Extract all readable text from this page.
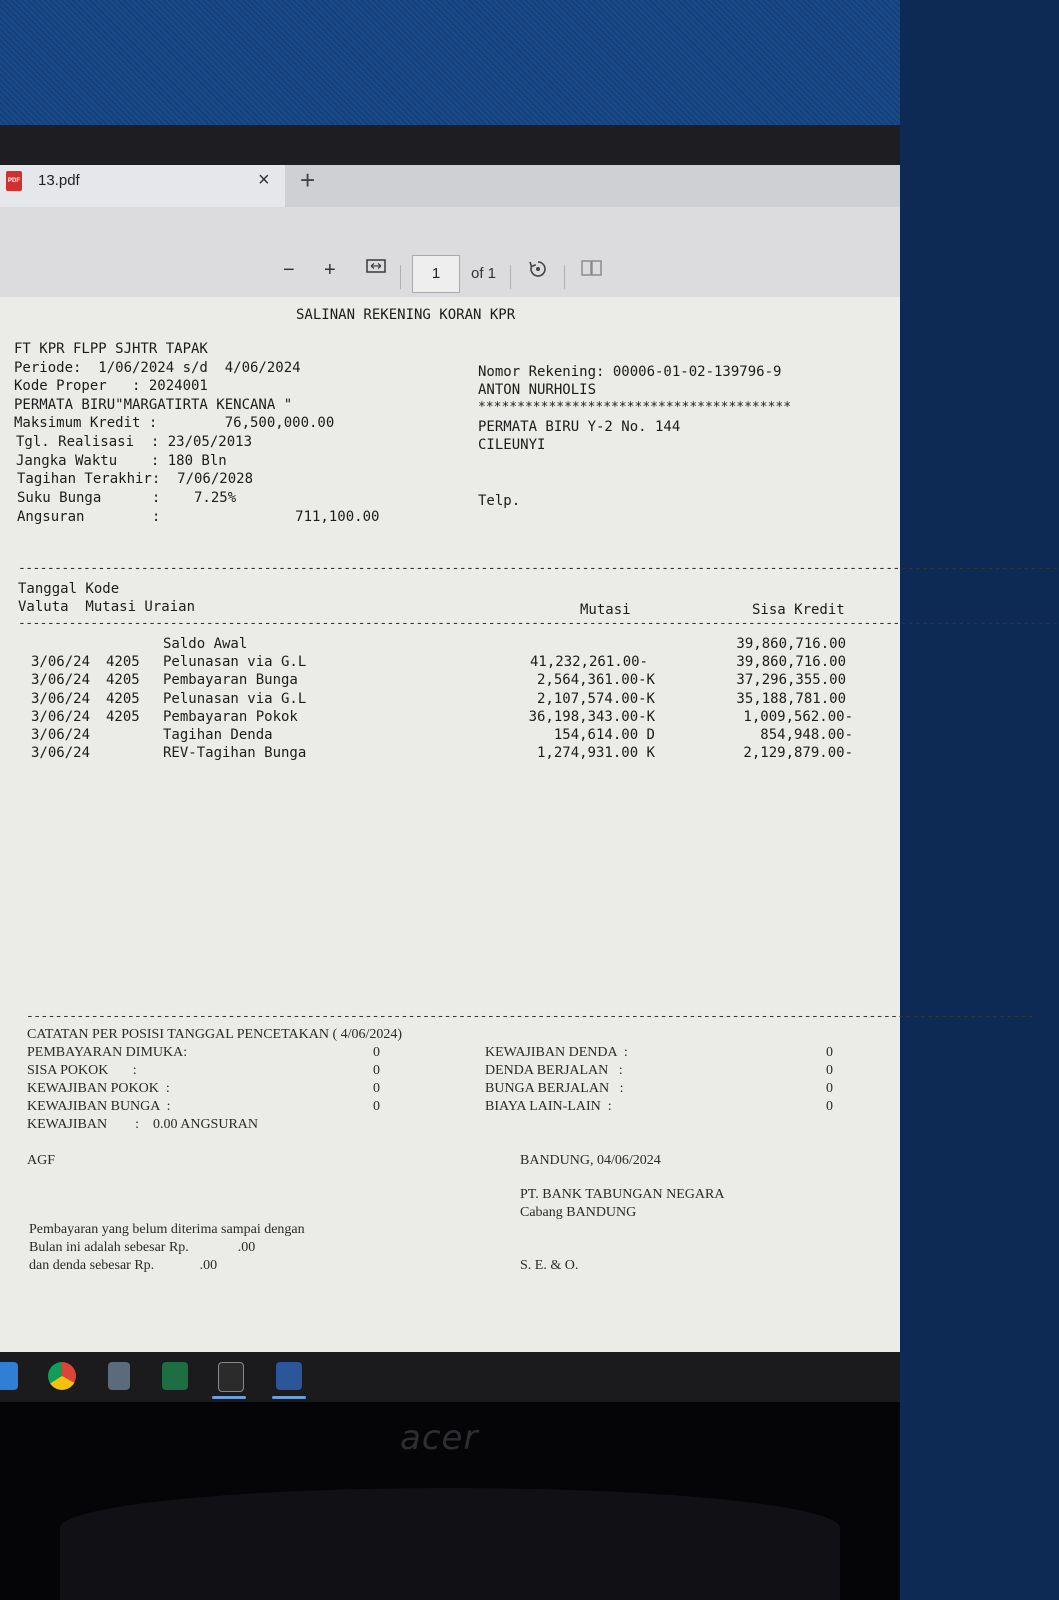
PDF 13.pdf	× +
− +	1	of 1
SALINAN REKENING KORAN KPR
FT KPR FLPP SJHTR TAPAK
Periode:  1/06/2024 s/d  4/06/2024
Kode Proper   : 2024001
PERMATA BIRU"MARGATIRTA KENCANA "
Maksimum Kredit :        76,500,000.00
Tgl. Realisasi  : 23/05/2013
Jangka Waktu    : 180 Bln
Tagihan Terakhir:  7/06/2028
Suku Bunga      :    7.25%
Angsuran        :                711,100.00
Nomor Rekening: 00006-01-02-139796-9
ANTON NURHOLIS
****************************************
PERMATA BIRU Y-2 No. 144
CILEUNYI
Telp.
------------------------------------------------------------------------------------------------------------------------------------------------
Tanggal Kode
Valuta  Mutasi Uraian	Mutasi	Sisa Kredit
------------------------------------------------------------------------------------------------------------------------------------------------
Saldo Awal	39,860,716.00
3/06/24 4205 Pelunasan via G.L	41,232,261.00-	39,860,716.00
3/06/24 4205 Pembayaran Bunga	2,564,361.00-K	37,296,355.00
3/06/24 4205 Pelunasan via G.L	2,107,574.00-K	35,188,781.00
3/06/24 4205 Pembayaran Pokok	36,198,343.00-K	1,009,562.00-
3/06/24	Tagihan Denda	154,614.00 D	854,948.00-
3/06/24	REV-Tagihan Bunga	1,274,931.00 K	2,129,879.00-
--------------------------------------------------------------------------------------------------------------------------------------------
CATATAN PER POSISI TANGGAL PENCETAKAN ( 4/06/2024)
PEMBAYARAN DIMUKA:	0
SISA POKOK       :	0
KEWAJIBAN POKOK  :	0
KEWAJIBAN BUNGA  :	0
KEWAJIBAN DENDA  :	0
DENDA BERJALAN   :	0
BUNGA BERJALAN   :	0
BIAYA LAIN-LAIN  :	0
KEWAJIBAN        :    0.00 ANGSURAN
AGF	BANDUNG, 04/06/2024
PT. BANK TABUNGAN NEGARA
Cabang BANDUNG
Pembayaran yang belum diterima sampai dengan
Bulan ini adalah sebesar Rp.              .00
dan denda sebesar Rp.             .00	S. E. & O.
acer
